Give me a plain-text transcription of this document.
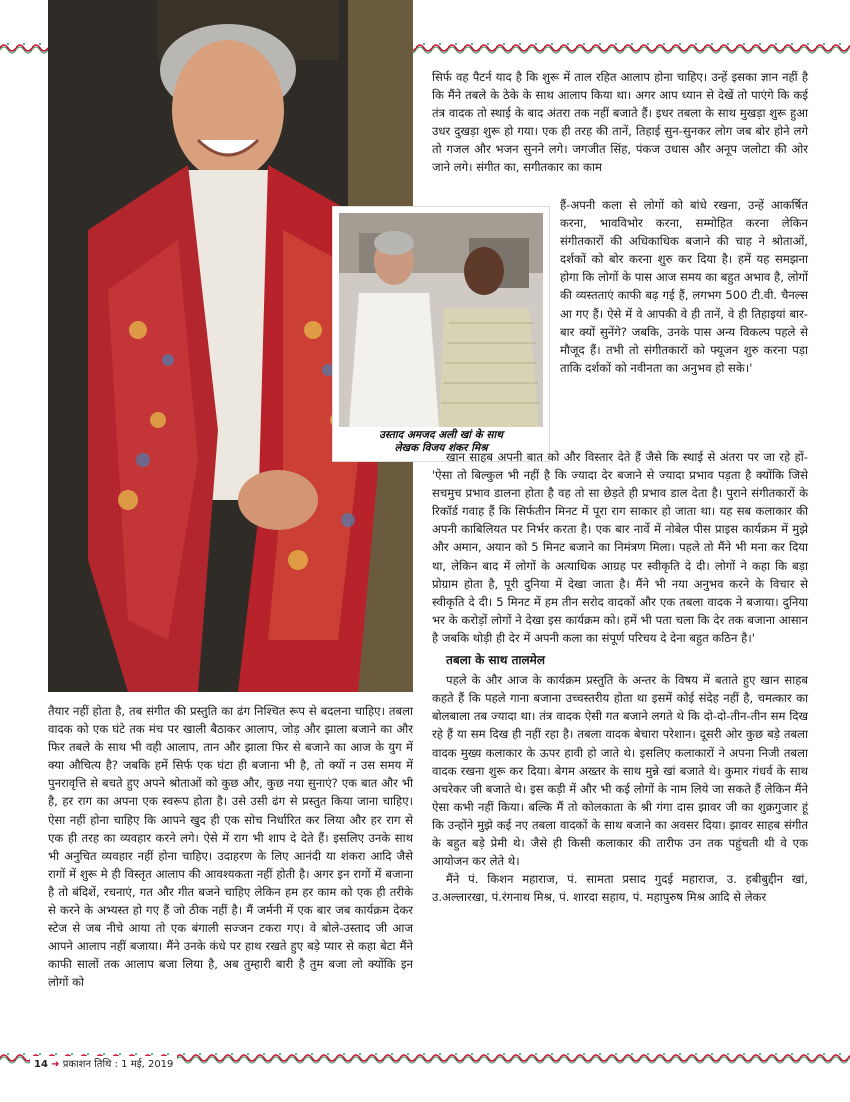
उस्ताद अमजद अली खां के साथ
लेखक विजय शंकर मिश्र

सिर्फ वह पैटर्न याद है कि शुरू में ताल रहित आलाप होना चाहिए। उन्हें इसका ज्ञान नहीं है कि मैंने तबले के ठेके के साथ आलाप किया था। अगर आप ध्यान से देखें तो पाएंगे कि कई तंत्र वादक तो स्थाई के बाद अंतरा तक नहीं बजाते हैं। इधर तबला के साथ मुखड़ा शुरू हुआ उधर दुखड़ा शुरू हो गया। एक ही तरह की तानें, तिहाई सुन-सुनकर लोग जब बोर होने लगे तो गजल और भजन सुनने लगे। जगजीत सिंह, पंकज उधास और अनूप जलोटा की ओर जाने लगे। संगीत का, सगीतकार का काम

हैं-अपनी कला से लोगों को बांधे रखना, उन्हें आकर्षित करना, भावविभोर करना, सम्मोहित करना लेकिन संगीतकारों की अधिकाधिक बजाने की चाह ने श्रोताओं, दर्शकों को बोर करना शुरु कर दिया है। हमें यह समझना होगा कि लोगों के पास आज समय का बहुत अभाव है, लोगों की व्यस्तताएं काफी बढ़ गई हैं, लगभग 500 टी.वी. चैनल्स आ गए हैं। ऐसे में वे आपकी वे ही तानें, वे ही तिहाइयां बार-बार क्यों सुनेंगे? जबकि, उनके पास अन्य विकल्प पहले से मौजूद हैं। तभी तो संगीतकारों को फ्यूजन शुरु करना पड़ा ताकि दर्शकों को नवीनता का अनुभव हो सके।'

खान साहब अपनी बात को और विस्तार देते हैं जैसे कि स्थाई से अंतरा पर जा रहे हों- 'ऐसा तो बिल्कुल भी नहीं है कि ज्यादा देर बजाने से ज्यादा प्रभाव पड़ता है क्योंकि जिसे सचमुच प्रभाव डालना होता है वह तो सा छेड़ते ही प्रभाव डाल देता है। पुराने संगीतकारों के रिकॉर्ड गवाह हैं कि सिर्फतीन मिनट में पूरा राग साकार हो जाता था। यह सब कलाकार की अपनी काबिलियत पर निर्भर करता है। एक बार नार्वे में नोबेल पीस प्राइस कार्यक्रम में मुझे और अमान, अयान को 5 मिनट बजाने का निमंत्रण मिला। पहले तो मैंने भी मना कर दिया था, लेकिन बाद में लोगों के अत्याधिक आग्रह पर स्वीकृति दे दी। लोगों ने कहा कि बड़ा प्रोग्राम होता है, पूरी दुनिया में देखा जाता है। मैंने भी नया अनुभव करने के विचार से स्वीकृति दे दी। 5 मिनट में हम तीन सरोद वादकों और एक तबला वादक ने बजाया। दुनिया भर के करोड़ों लोगों ने देखा इस कार्यक्रम को। हमें भी पता चला कि देर तक बजाना आसान है जबकि थोड़ी ही देर में अपनी कला का संपूर्ण परिचय दे देना बहुत कठिन है।'

तबला के साथ तालमेल

पहले के और आज के कार्यक्रम प्रस्तुति के अन्तर के विषय में बताते हुए खान साहब कहते हैं कि पहले गाना बजाना उच्चस्तरीय होता था इसमें कोई संदेह नहीं है, चमत्कार का बोलबाला तब ज्यादा था। तंत्र वादक ऐसी गत बजाने लगते थे कि दो-दो-तीन-तीन सम दिख रहे हैं या सम दिख ही नहीं रहा है। तबला वादक बेचारा परेशान। दूसरी ओर कुछ बड़े तबला वादक मुख्य कलाकार के ऊपर हावी हो जाते थे। इसलिए कलाकारों ने अपना निजी तबला वादक रखना शुरू कर दिया। बेगम अख्तर के साथ मुन्ने खां बजाते थे। कुमार गंधर्व के साथ अचरेकर जी बजाते थे। इस कड़ी में और भी कई लोगों के नाम लिये जा सकते हैं लेकिन मैंने ऐसा कभी नहीं किया। बल्कि मैं तो कोलकाता के श्री गंगा दास झावर जी का शुक्रगुजार हूं कि उन्होंने मुझे कई नए तबला वादकों के साथ बजाने का अवसर दिया। झावर साहब संगीत के बहुत बड़े प्रेमी थे। जैसे ही किसी कलाकार की तारीफ उन तक पहुंचती थी वे एक आयोजन कर लेते थे।

मैंने पं. किशन महाराज, पं. सामता प्रसाद गुदई महाराज, उ. हबीबुद्दीन खां, उ.अल्लारखा, पं.रंगनाथ मिश्र, पं. शारदा सहाय, पं. महापुरुष मिश्र आदि से लेकर

तैयार नहीं होता है, तब संगीत की प्रस्तुति का ढंग निश्चित रूप से बदलना चाहिए। तबला वादक को एक घंटे तक मंच पर खाली बैठाकर आलाप, जोड़ और झाला बजाने का और फिर तबले के साथ भी वही आलाप, तान और झाला फिर से बजाने का आज के युग में क्या औचित्य है? जबकि हमें सिर्फ एक घंटा ही बजाना भी है, तो क्यों न उस समय में पुनरावृत्ति से बचते हुए अपने श्रोताओं को कुछ और, कुछ नया सुनाएं? एक बात और भी है, हर राग का अपना एक स्वरूप होता है। उसे उसी ढंग से प्रस्तुत किया जाना चाहिए। ऐसा नहीं होना चाहिए कि आपने खुद ही एक सोच निर्धारित कर लिया और हर राग से एक ही तरह का व्यवहार करने लगे। ऐसे में राग भी शाप दे देते हैं। इसलिए उनके साथ भी अनुचित व्यवहार नहीं होना चाहिए। उदाहरण के लिए आनंदी या शंकरा आदि जैसे रागों में शुरू मे ही विस्तृत आलाप की आवश्यकता नहीं होती है। अगर इन रागों में बजाना है तो बंदिशें, रचनाएं, गत और गीत बजने चाहिए लेकिन हम हर काम को एक ही तरीके से करने के अभ्यस्त हो गए हैं जो ठीक नहीं है। मैं जर्मनी में एक बार जब कार्यक्रम देकर स्टेज से जब नीचे आया तो एक बंगाली सज्जन टकरा गए। वे बोले-उस्ताद जी आज आपने आलाप नहीं बजाया। मैंने उनके कंधे पर हाथ रखते हुए बड़े प्यार से कहा बेटा मैंने काफी सालों तक आलाप बजा लिया है, अब तुम्हारी बारी है तुम बजा लो क्योंकि इन लोगों को

14 ➜ प्रकाशन तिथि : 1 मई, 2019
